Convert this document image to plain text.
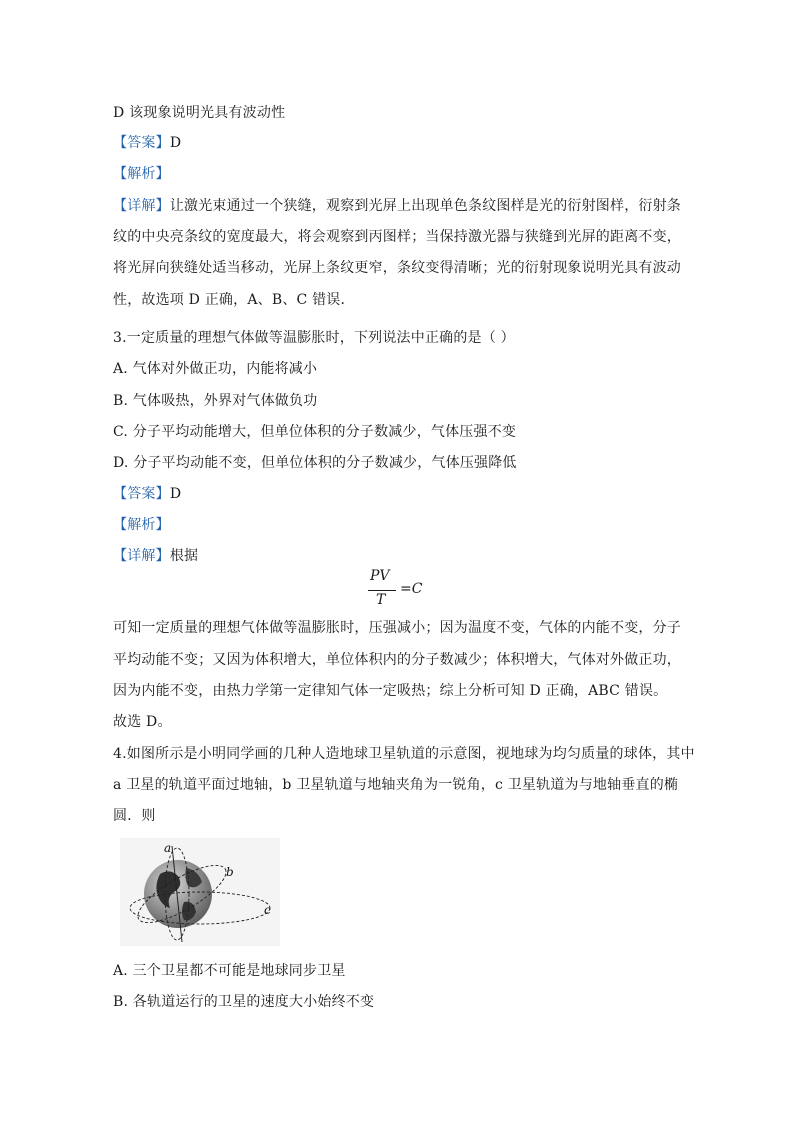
D 该现象说明光具有波动性
【答案】D
【解析】
【详解】让激光束通过一个狭缝，观察到光屏上出现单色条纹图样是光的衍射图样，衍射条
纹的中央亮条纹的宽度最大，将会观察到丙图样；当保持激光器与狭缝到光屏的距离不变，
将光屏向狭缝处适当移动，光屏上条纹更窄，条纹变得清晰；光的衍射现象说明光具有波动
性，故选项 D 正确，A、B、C 错误．
3.一定质量的理想气体做等温膨胀时，下列说法中正确的是（ ）
A. 气体对外做正功，内能将减小
B. 气体吸热，外界对气体做负功
C. 分子平均动能增大，但单位体积的分子数减少，气体压强不变
D. 分子平均动能不变，但单位体积的分子数减少，气体压强降低
【答案】D
【解析】
【详解】根据
可知一定质量的理想气体做等温膨胀时，压强减小；因为温度不变，气体的内能不变，分子
平均动能不变；又因为体积增大，单位体积内的分子数减少；体积增大，气体对外做正功，
因为内能不变，由热力学第一定律知气体一定吸热；综上分析可知 D 正确，ABC 错误。
故选 D。
4.如图所示是小明同学画的几种人造地球卫星轨道的示意图，视地球为均匀质量的球体，其中
a 卫星的轨道平面过地轴，b 卫星轨道与地轴夹角为一锐角，c 卫星轨道为与地轴垂直的椭
圆．则
A. 三个卫星都不可能是地球同步卫星
B. 各轨道运行的卫星的速度大小始终不变
PV
T
=C
a
b
c
